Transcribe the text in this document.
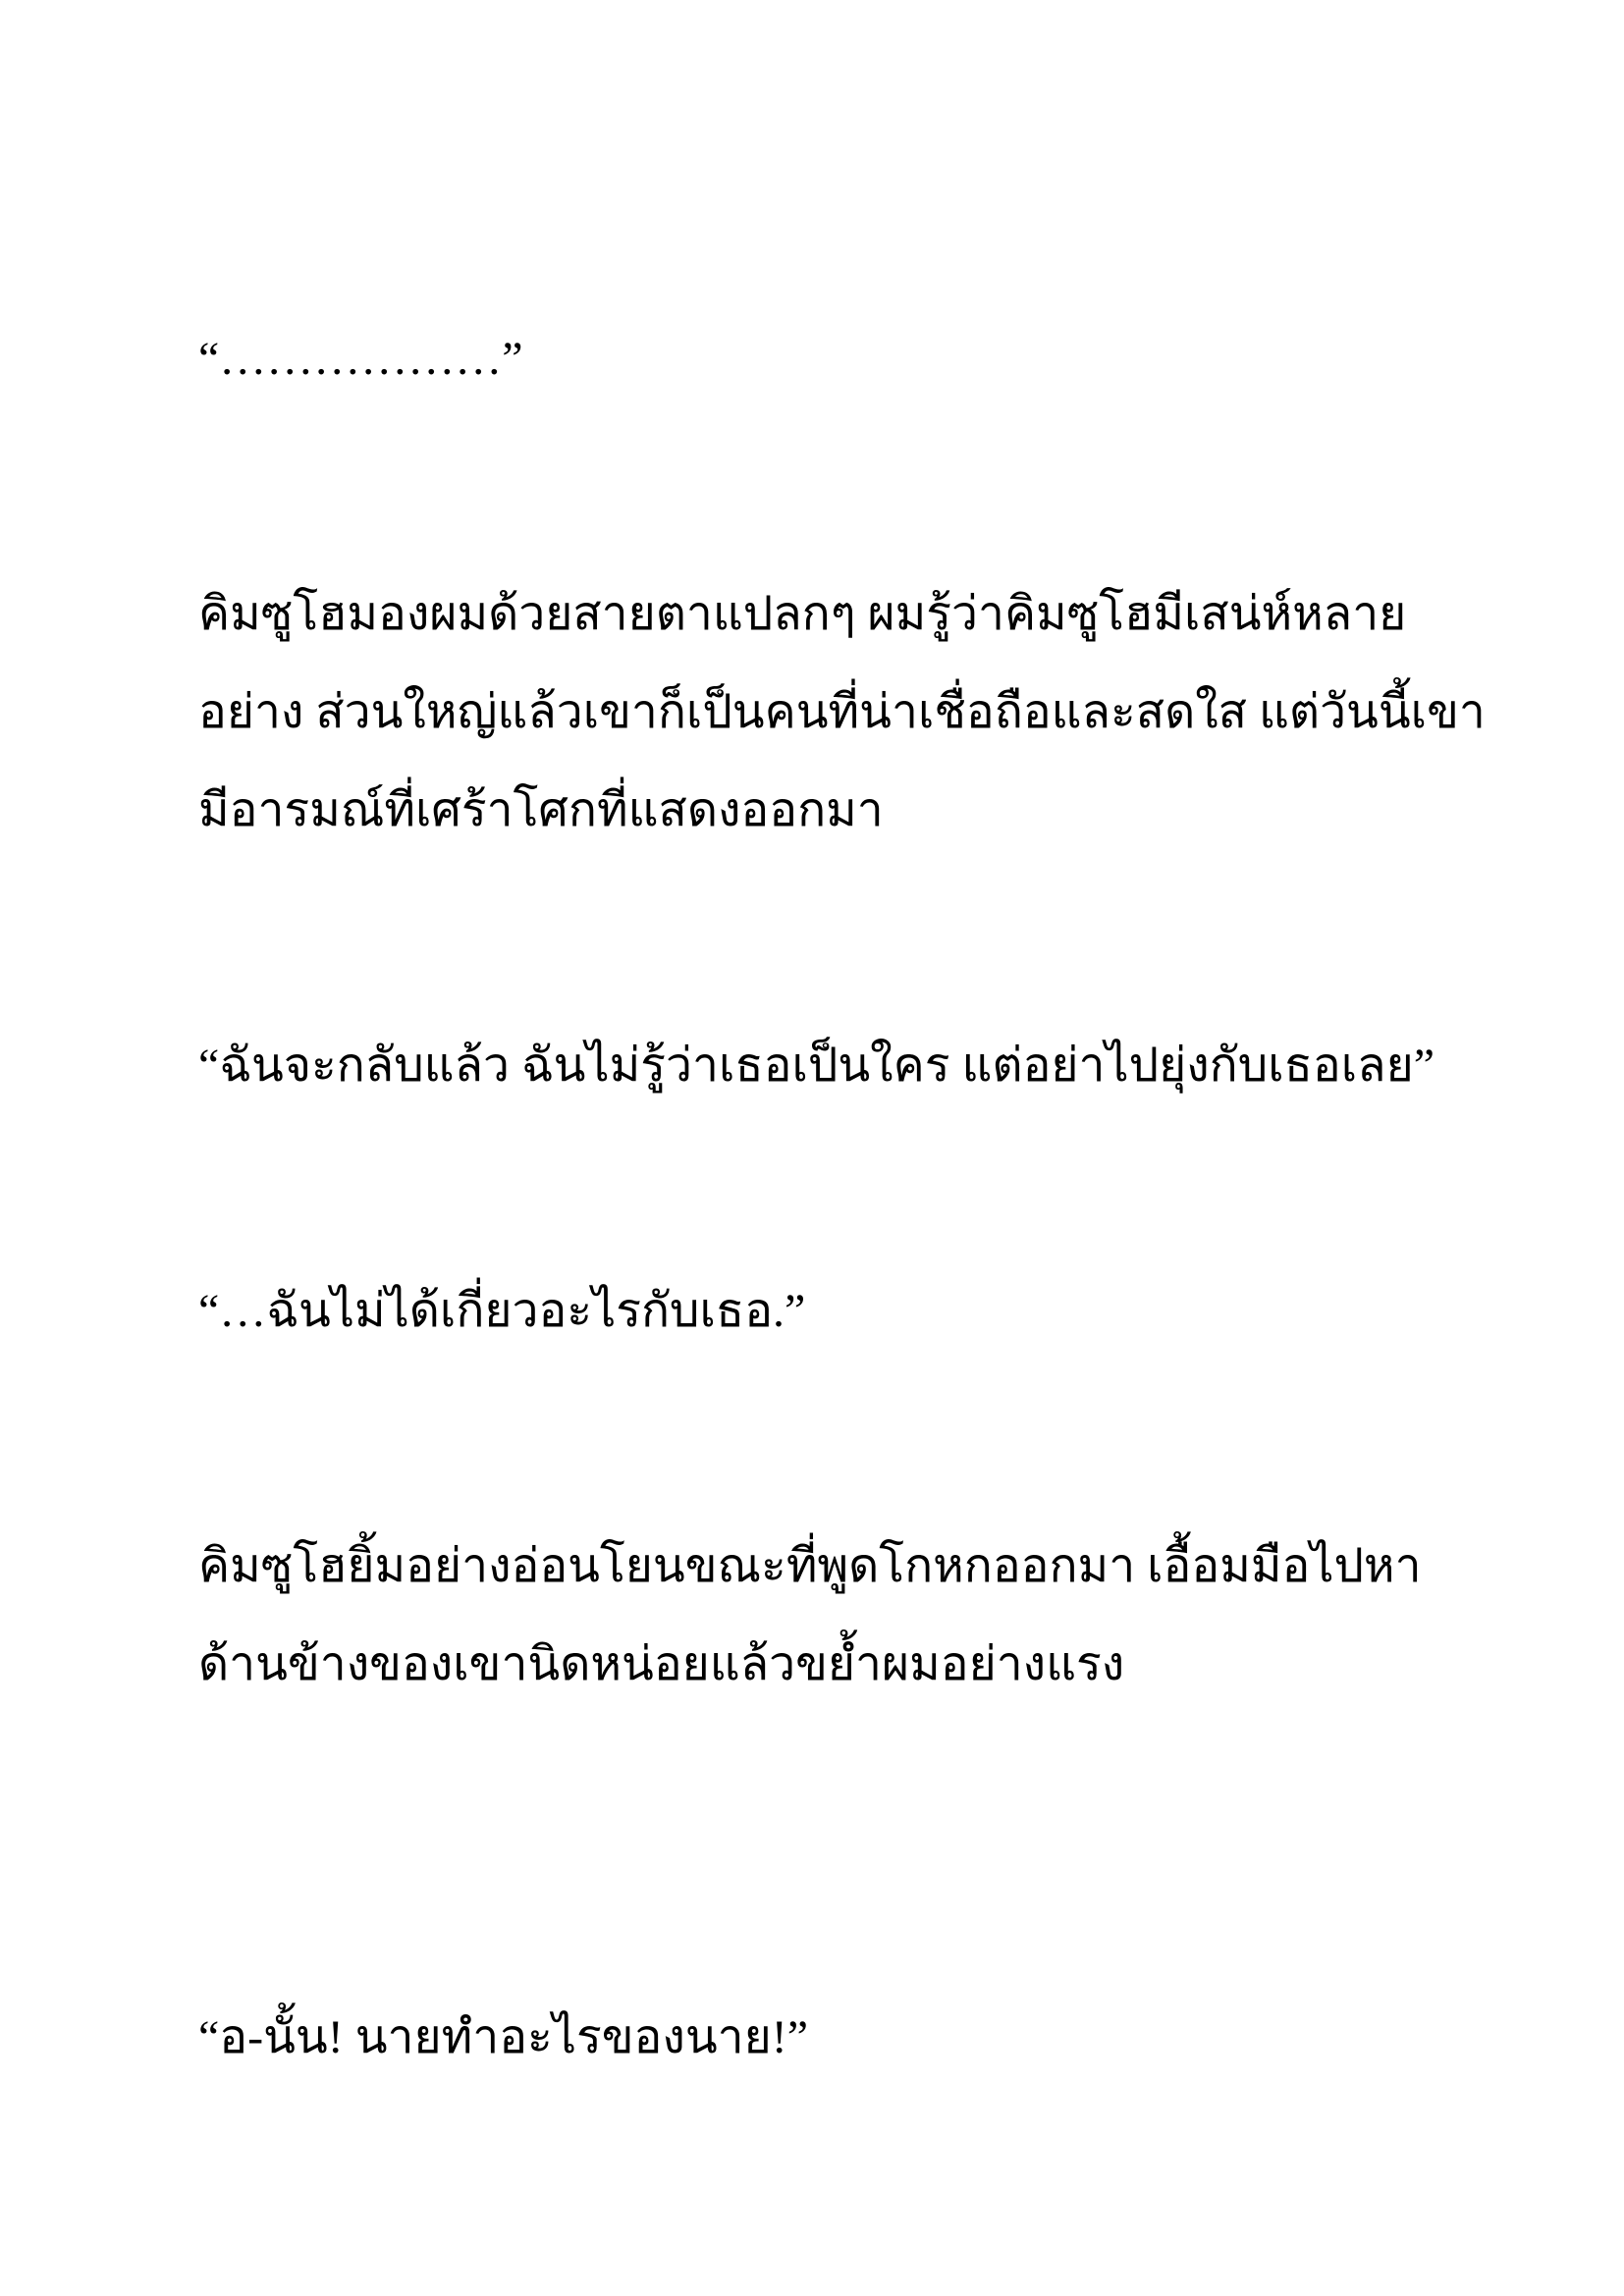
“………………”

คิมซูโฮมองผมด้วยสายตาแปลกๆ ผมรู้ว่าคิมซูโฮมีเสน่ห์หลาย
อย่าง ส่วนใหญ่แล้วเขาก็เป็นคนที่น่าเชื่อถือและสดใส แต่วันนี้เขา
มีอารมณ์ที่เศร้าโศกที่แสดงออกมา

“ฉันจะกลับแล้ว ฉันไม่รู้ว่าเธอเป็นใคร แต่อย่าไปยุ่งกับเธอเลย”

“…ฉันไม่ได้เกี่ยวอะไรกับเธอ.”

คิมซูโฮยิ้มอย่างอ่อนโยนขณะที่พูดโกหกออกมา เอื้อมมือไปหา
ด้านข้างของเขานิดหน่อยแล้วขย้ำผมอย่างแรง

“อ-นั้น! นายทำอะไรของนาย!”
